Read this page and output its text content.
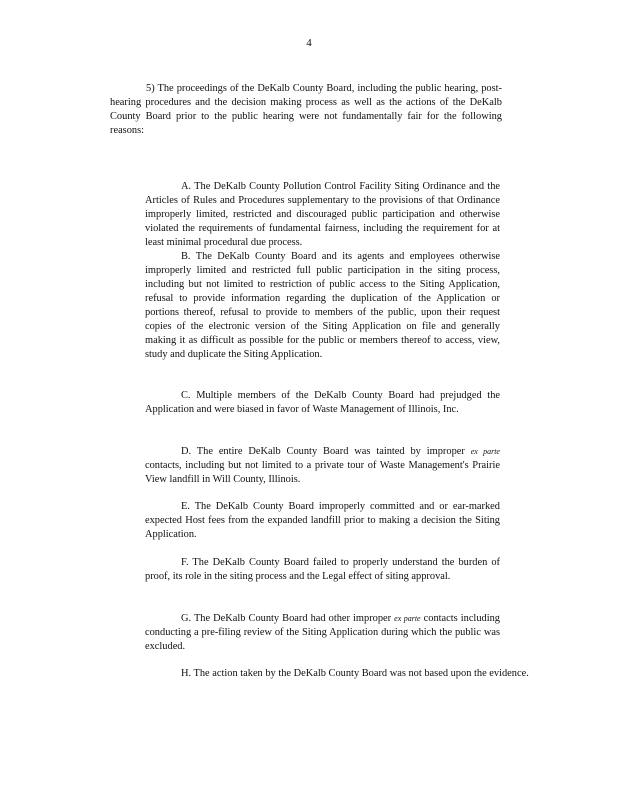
4

5) The proceedings of the DeKalb County Board, including the public hearing, post-hearing procedures and the decision making process as well as the actions of the DeKalb County Board prior to the public hearing were not fundamentally fair for the following reasons:

A. The DeKalb County Pollution Control Facility Siting Ordinance and the Articles of Rules and Procedures supplementary to the provisions of that Ordinance improperly limited, restricted and discouraged public participation and otherwise violated the requirements of fundamental fairness, including the requirement for at least minimal procedural due process.

B. The DeKalb County Board and its agents and employees otherwise improperly limited and restricted full public participation in the siting process, including but not limited to restriction of public access to the Siting Application, refusal to provide information regarding the duplication of the Application or portions thereof, refusal to provide to members of the public, upon their request copies of the electronic version of the Siting Application on file and generally making it as difficult as possible for the public or members thereof to access, view, study and duplicate the Siting Application.

C. Multiple members of the DeKalb County Board had prejudged the Application and were biased in favor of Waste Management of Illinois, Inc.

D. The entire DeKalb County Board was tainted by improper ex parte contacts, including but not limited to a private tour of Waste Management's Prairie View landfill in Will County, Illinois.

E. The DeKalb County Board improperly committed and or ear-marked expected Host fees from the expanded landfill prior to making a decision the Siting Application.

F. The DeKalb County Board failed to properly understand the burden of proof, its role in the siting process and the Legal effect of siting approval.

G. The DeKalb County Board had other improper ex parte contacts including conducting a pre-filing review of the Siting Application during which the public was excluded.

H. The action taken by the DeKalb County Board was not based upon the evidence.
